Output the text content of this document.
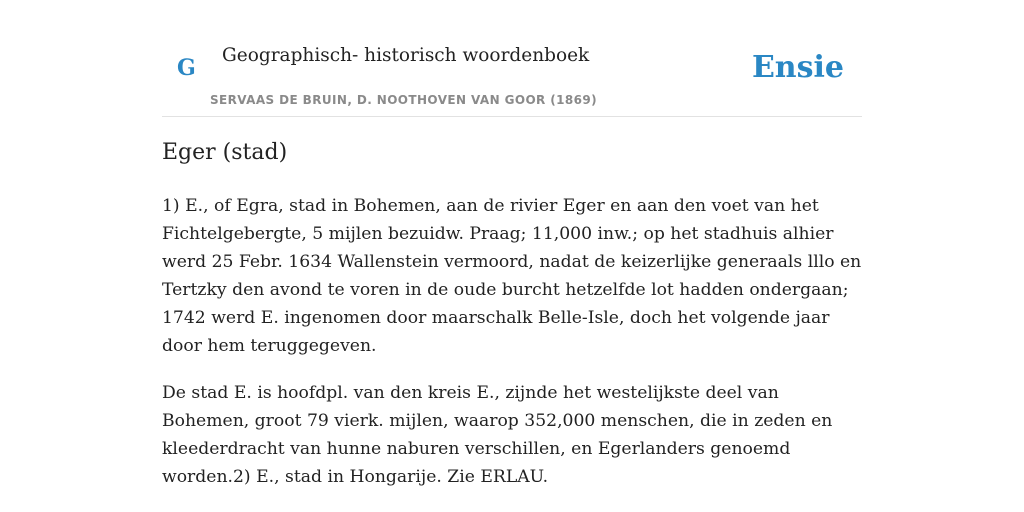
G Geographisch- historisch woordenboek
SERVAAS DE BRUIN, D. NOOTHOVEN VAN GOOR (1869)
Ensie
Eger (stad)

1) E., of Egra, stad in Bohemen, aan de rivier Eger en aan den voet van het Fichtelgebergte, 5 mijlen bezuidw. Praag; 11,000 inw.; op het stadhuis alhier werd 25 Febr. 1634 Wallenstein vermoord, nadat de keizerlijke generaals lllo en Tertzky den avond te voren in de oude burcht hetzelfde lot hadden ondergaan; 1742 werd E. ingenomen door maarschalk Belle-Isle, doch het volgende jaar door hem teruggegeven.

De stad E. is hoofdpl. van den kreis E., zijnde het westelijkste deel van Bohemen, groot 79 vierk. mijlen, waarop 352,000 menschen, die in zeden en kleederdracht van hunne naburen verschillen, en Egerlanders genoemd worden.2) E., stad in Hongarije. Zie ERLAU.
